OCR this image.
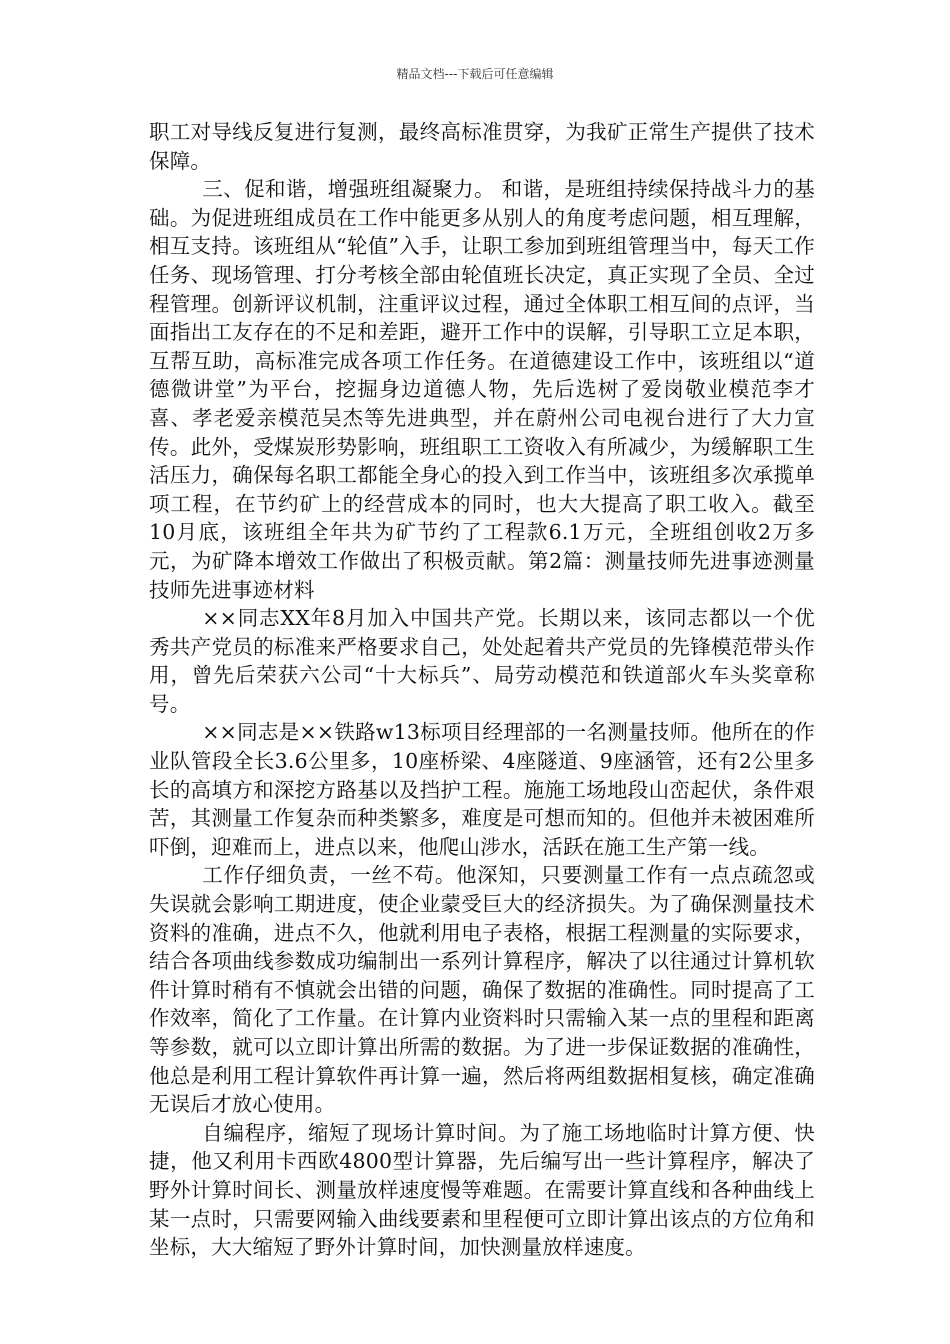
精品文档---下载后可任意编辑

职工对导线反复进行复测，最终高标准贯穿，为我矿正常生产提供了技术保障。

三、促和谐，增强班组凝聚力。 和谐，是班组持续保持战斗力的基础。为促进班组成员在工作中能更多从别人的角度考虑问题，相互理解，相互支持。该班组从“轮值”入手，让职工参加到班组管理当中，每天工作任务、现场管理、打分考核全部由轮值班长决定，真正实现了全员、全过程管理。创新评议机制，注重评议过程，通过全体职工相互间的点评，当面指出工友存在的不足和差距，避开工作中的误解，引导职工立足本职，互帮互助，高标准完成各项工作任务。在道德建设工作中，该班组以“道德微讲堂”为平台，挖掘身边道德人物，先后选树了爱岗敬业模范李才喜、孝老爱亲模范吴杰等先进典型，并在蔚州公司电视台进行了大力宣传。此外，受煤炭形势影响，班组职工工资收入有所减少，为缓解职工生活压力，确保每名职工都能全身心的投入到工作当中，该班组多次承揽单项工程，在节约矿上的经营成本的同时，也大大提高了职工收入。截至10月底，该班组全年共为矿节约了工程款6.1万元，全班组创收2万多元，为矿降本增效工作做出了积极贡献。第2篇：测量技师先进事迹测量技师先进事迹材料

××同志XX年8月加入中国共产党。长期以来，该同志都以一个优秀共产党员的标准来严格要求自己，处处起着共产党员的先锋模范带头作用，曾先后荣获六公司“十大标兵”、局劳动模范和铁道部火车头奖章称号。

××同志是××铁路w13标项目经理部的一名测量技师。他所在的作业队管段全长3.6公里多，10座桥梁、4座隧道、9座涵管，还有2公里多长的高填方和深挖方路基以及挡护工程。施施工场地段山峦起伏，条件艰苦，其测量工作复杂而种类繁多，难度是可想而知的。但他并未被困难所吓倒，迎难而上，进点以来，他爬山涉水，活跃在施工生产第一线。

工作仔细负责，一丝不苟。他深知，只要测量工作有一点点疏忽或失误就会影响工期进度，使企业蒙受巨大的经济损失。为了确保测量技术资料的准确，进点不久，他就利用电子表格，根据工程测量的实际要求，结合各项曲线参数成功编制出一系列计算程序，解决了以往通过计算机软件计算时稍有不慎就会出错的问题，确保了数据的准确性。同时提高了工作效率，简化了工作量。在计算内业资料时只需输入某一点的里程和距离等参数，就可以立即计算出所需的数据。为了进一步保证数据的准确性，他总是利用工程计算软件再计算一遍，然后将两组数据相复核，确定准确无误后才放心使用。

自编程序，缩短了现场计算时间。为了施工场地临时计算方便、快捷，他又利用卡西欧4800型计算器，先后编写出一些计算程序，解决了野外计算时间长、测量放样速度慢等难题。在需要计算直线和各种曲线上某一点时，只需要网输入曲线要素和里程便可立即计算出该点的方位角和坐标，大大缩短了野外计算时间，加快测量放样速度。
